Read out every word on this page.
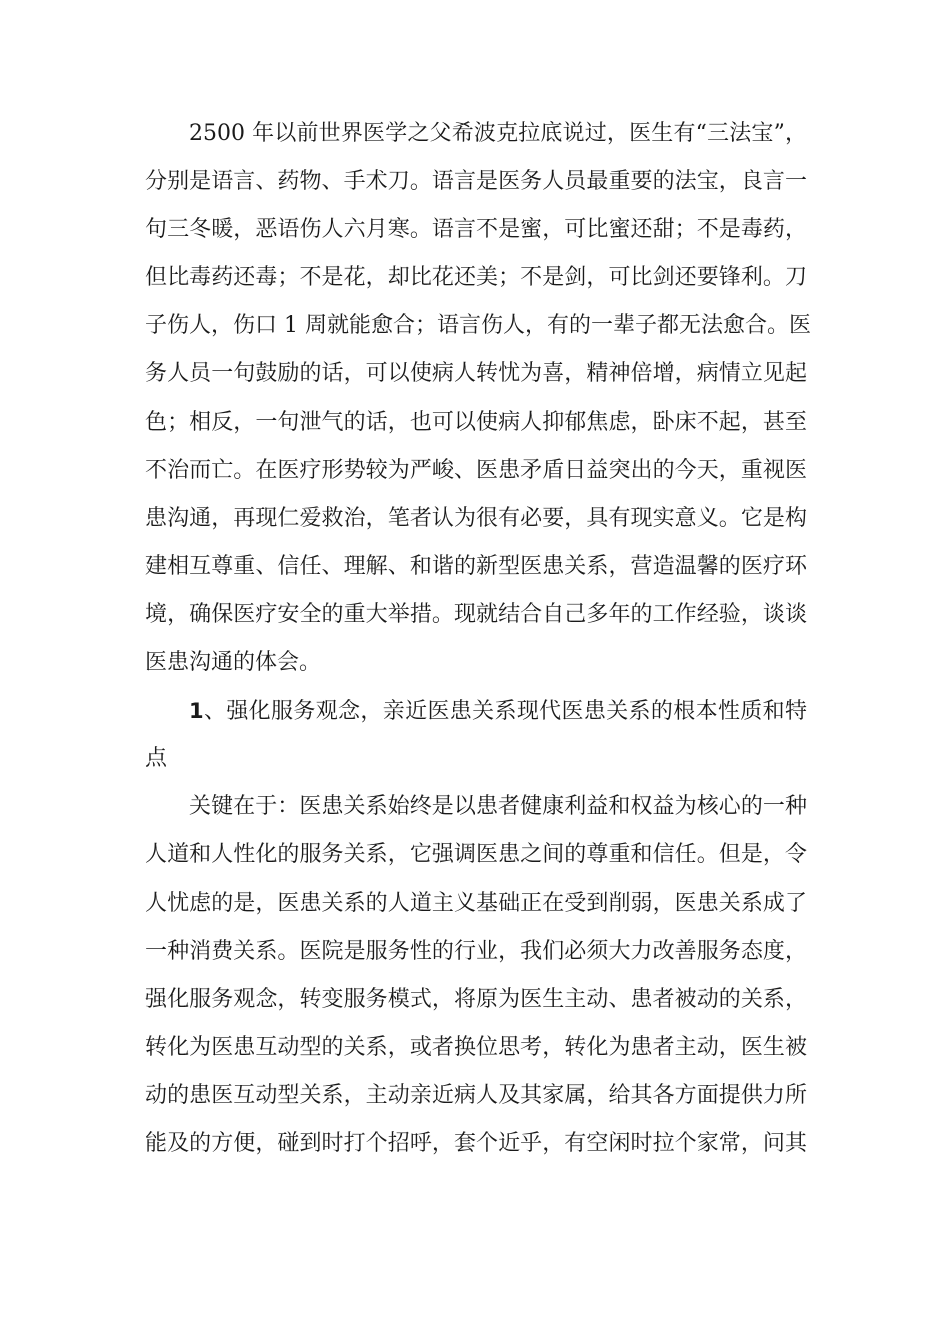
2500 年以前世界医学之父希波克拉底说过，医生有“三法宝”，
分别是语言、药物、手术刀。语言是医务人员最重要的法宝，良言一
句三冬暖，恶语伤人六月寒。语言不是蜜，可比蜜还甜；不是毒药，
但比毒药还毒；不是花，却比花还美；不是剑，可比剑还要锋利。刀
子伤人，伤口 1 周就能愈合；语言伤人，有的一辈子都无法愈合。医
务人员一句鼓励的话，可以使病人转忧为喜，精神倍增，病情立见起
色；相反，一句泄气的话，也可以使病人抑郁焦虑，卧床不起，甚至
不治而亡。在医疗形势较为严峻、医患矛盾日益突出的今天，重视医
患沟通，再现仁爱救治，笔者认为很有必要，具有现实意义。它是构
建相互尊重、信任、理解、和谐的新型医患关系，营造温馨的医疗环
境，确保医疗安全的重大举措。现就结合自己多年的工作经验，谈谈
医患沟通的体会。
1、强化服务观念，亲近医患关系现代医患关系的根本性质和特
点
关键在于：医患关系始终是以患者健康利益和权益为核心的一种
人道和人性化的服务关系，它强调医患之间的尊重和信任。但是，令
人忧虑的是，医患关系的人道主义基础正在受到削弱，医患关系成了
一种消费关系。医院是服务性的行业，我们必须大力改善服务态度，
强化服务观念，转变服务模式，将原为医生主动、患者被动的关系，
转化为医患互动型的关系，或者换位思考，转化为患者主动，医生被
动的患医互动型关系，主动亲近病人及其家属，给其各方面提供力所
能及的方便，碰到时打个招呼，套个近乎，有空闲时拉个家常，问其
